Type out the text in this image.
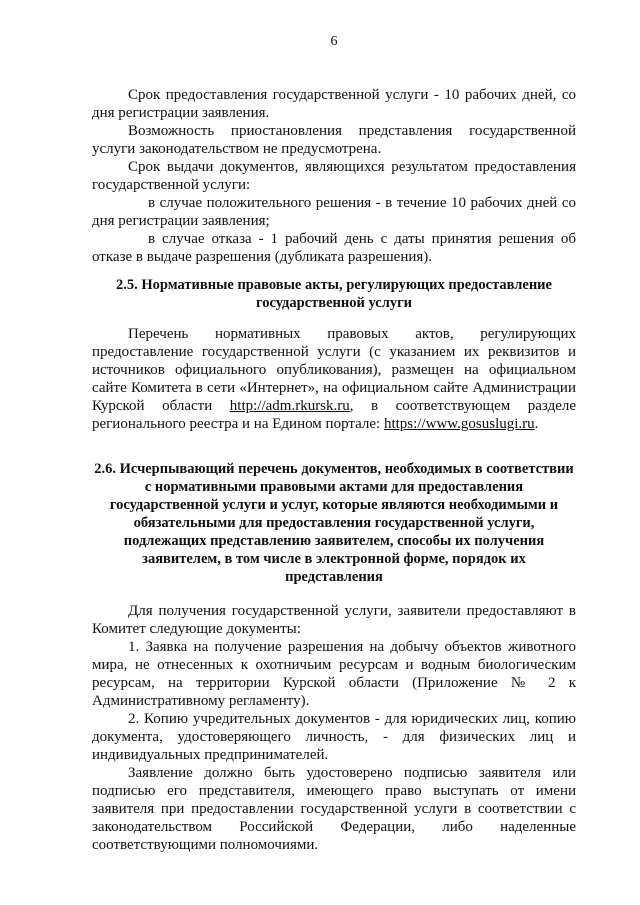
6

Срок предоставления государственной услуги - 10 рабочих дней, со дня регистрации заявления.

Возможность приостановления представления государственной услуги законодательством не предусмотрена.

Срок выдачи документов, являющихся результатом предоставления государственной услуги:

в случае положительного решения - в течение 10 рабочих дней со дня регистрации заявления;

в случае отказа - 1 рабочий день с даты принятия решения об отказе в выдаче разрешения (дубликата разрешения).

2.5. Нормативные правовые акты, регулирующих предоставление государственной услуги

Перечень нормативных правовых актов, регулирующих предоставление государственной услуги (с указанием их реквизитов и источников официального опубликования), размещен на официальном сайте Комитета в сети «Интернет», на официальном сайте Администрации Курской области http://adm.rkursk.ru, в соответствующем разделе регионального реестра и на Едином портале: https://www.gosuslugi.ru.

2.6. Исчерпывающий перечень документов, необходимых в соответствии с нормативными правовыми актами для предоставления государственной услуги и услуг, которые являются необходимыми и обязательными для предоставления государственной услуги, подлежащих представлению заявителем, способы их получения заявителем, в том числе в электронной форме, порядок их представления

Для получения государственной услуги, заявители предоставляют в Комитет следующие документы:

1. Заявка на получение разрешения на добычу объектов животного мира, не отнесенных к охотничьим ресурсам и водным биологическим ресурсам, на территории Курской области (Приложение № 2 к Административному регламенту).

2. Копию учредительных документов - для юридических лиц, копию документа, удостоверяющего личность, - для физических лиц и индивидуальных предпринимателей.

Заявление должно быть удостоверено подписью заявителя или подписью его представителя, имеющего право выступать от имени заявителя при предоставлении государственной услуги в соответствии с законодательством Российской Федерации, либо наделенные соответствующими полномочиями.
